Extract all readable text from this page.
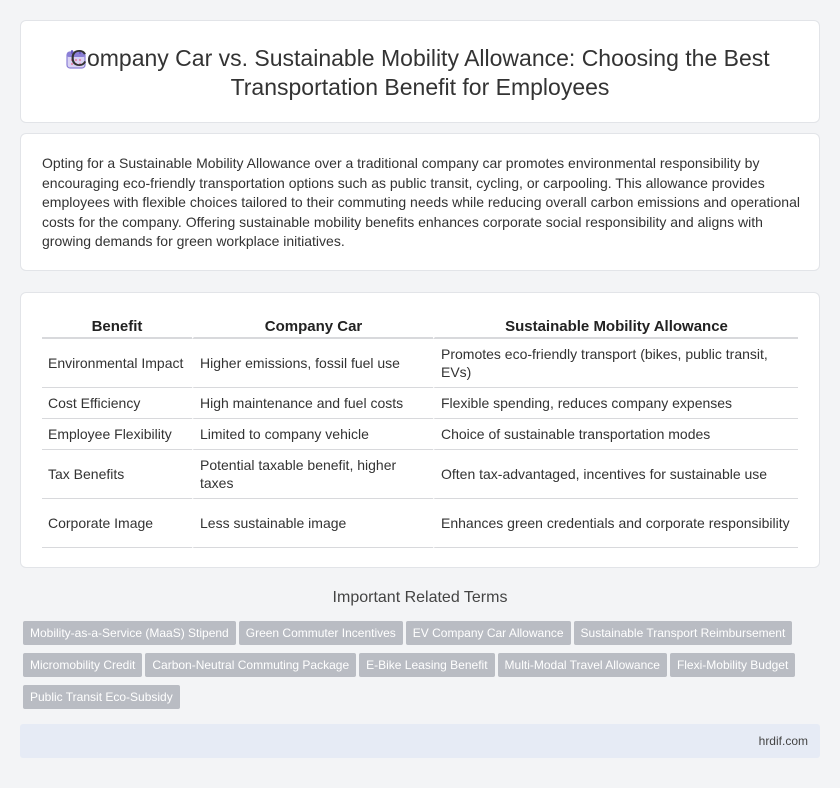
Company Car vs. Sustainable Mobility Allowance: Choosing the Best Transportation Benefit for Employees

Opting for a Sustainable Mobility Allowance over a traditional company car promotes environmental responsibility by encouraging eco-friendly transportation options such as public transit, cycling, or carpooling. This allowance provides employees with flexible choices tailored to their commuting needs while reducing overall carbon emissions and operational costs for the company. Offering sustainable mobility benefits enhances corporate social responsibility and aligns with growing demands for green workplace initiatives.

Benefit	Company Car	Sustainable Mobility Allowance
Environmental Impact	Higher emissions, fossil fuel use	Promotes eco-friendly transport (bikes, public transit, EVs)
Cost Efficiency	High maintenance and fuel costs	Flexible spending, reduces company expenses
Employee Flexibility	Limited to company vehicle	Choice of sustainable transportation modes
Tax Benefits	Potential taxable benefit, higher taxes	Often tax-advantaged, incentives for sustainable use
Corporate Image	Less sustainable image	Enhances green credentials and corporate responsibility
Important Related Terms
Mobility-as-a-Service (MaaS) Stipend Green Commuter Incentives EV Company Car Allowance Sustainable Transport Reimbursement
Micromobility Credit Carbon-Neutral Commuting Package E-Bike Leasing Benefit Multi-Modal Travel Allowance Flexi-Mobility Budget
Public Transit Eco-Subsidy
hrdif.com
